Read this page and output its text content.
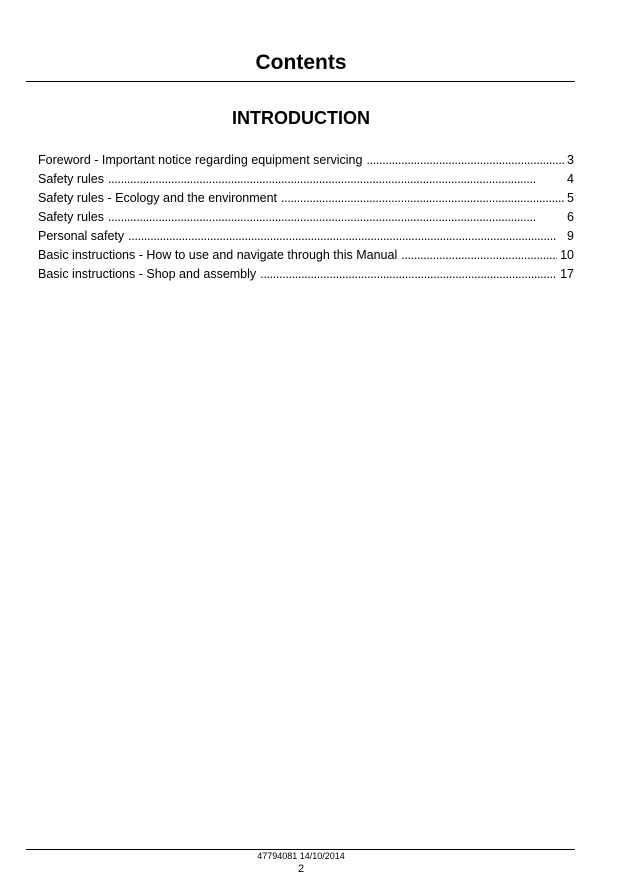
Contents
INTRODUCTION
Foreword - Important notice regarding equipment servicing . . .	3
Safety rules . . .	4
Safety rules - Ecology and the environment . . .	5
Safety rules . . .	6
Personal safety . . .	9
Basic instructions - How to use and navigate through this Manual . . .	10
Basic instructions - Shop and assembly . . .	17
47794081 14/10/2014
2
